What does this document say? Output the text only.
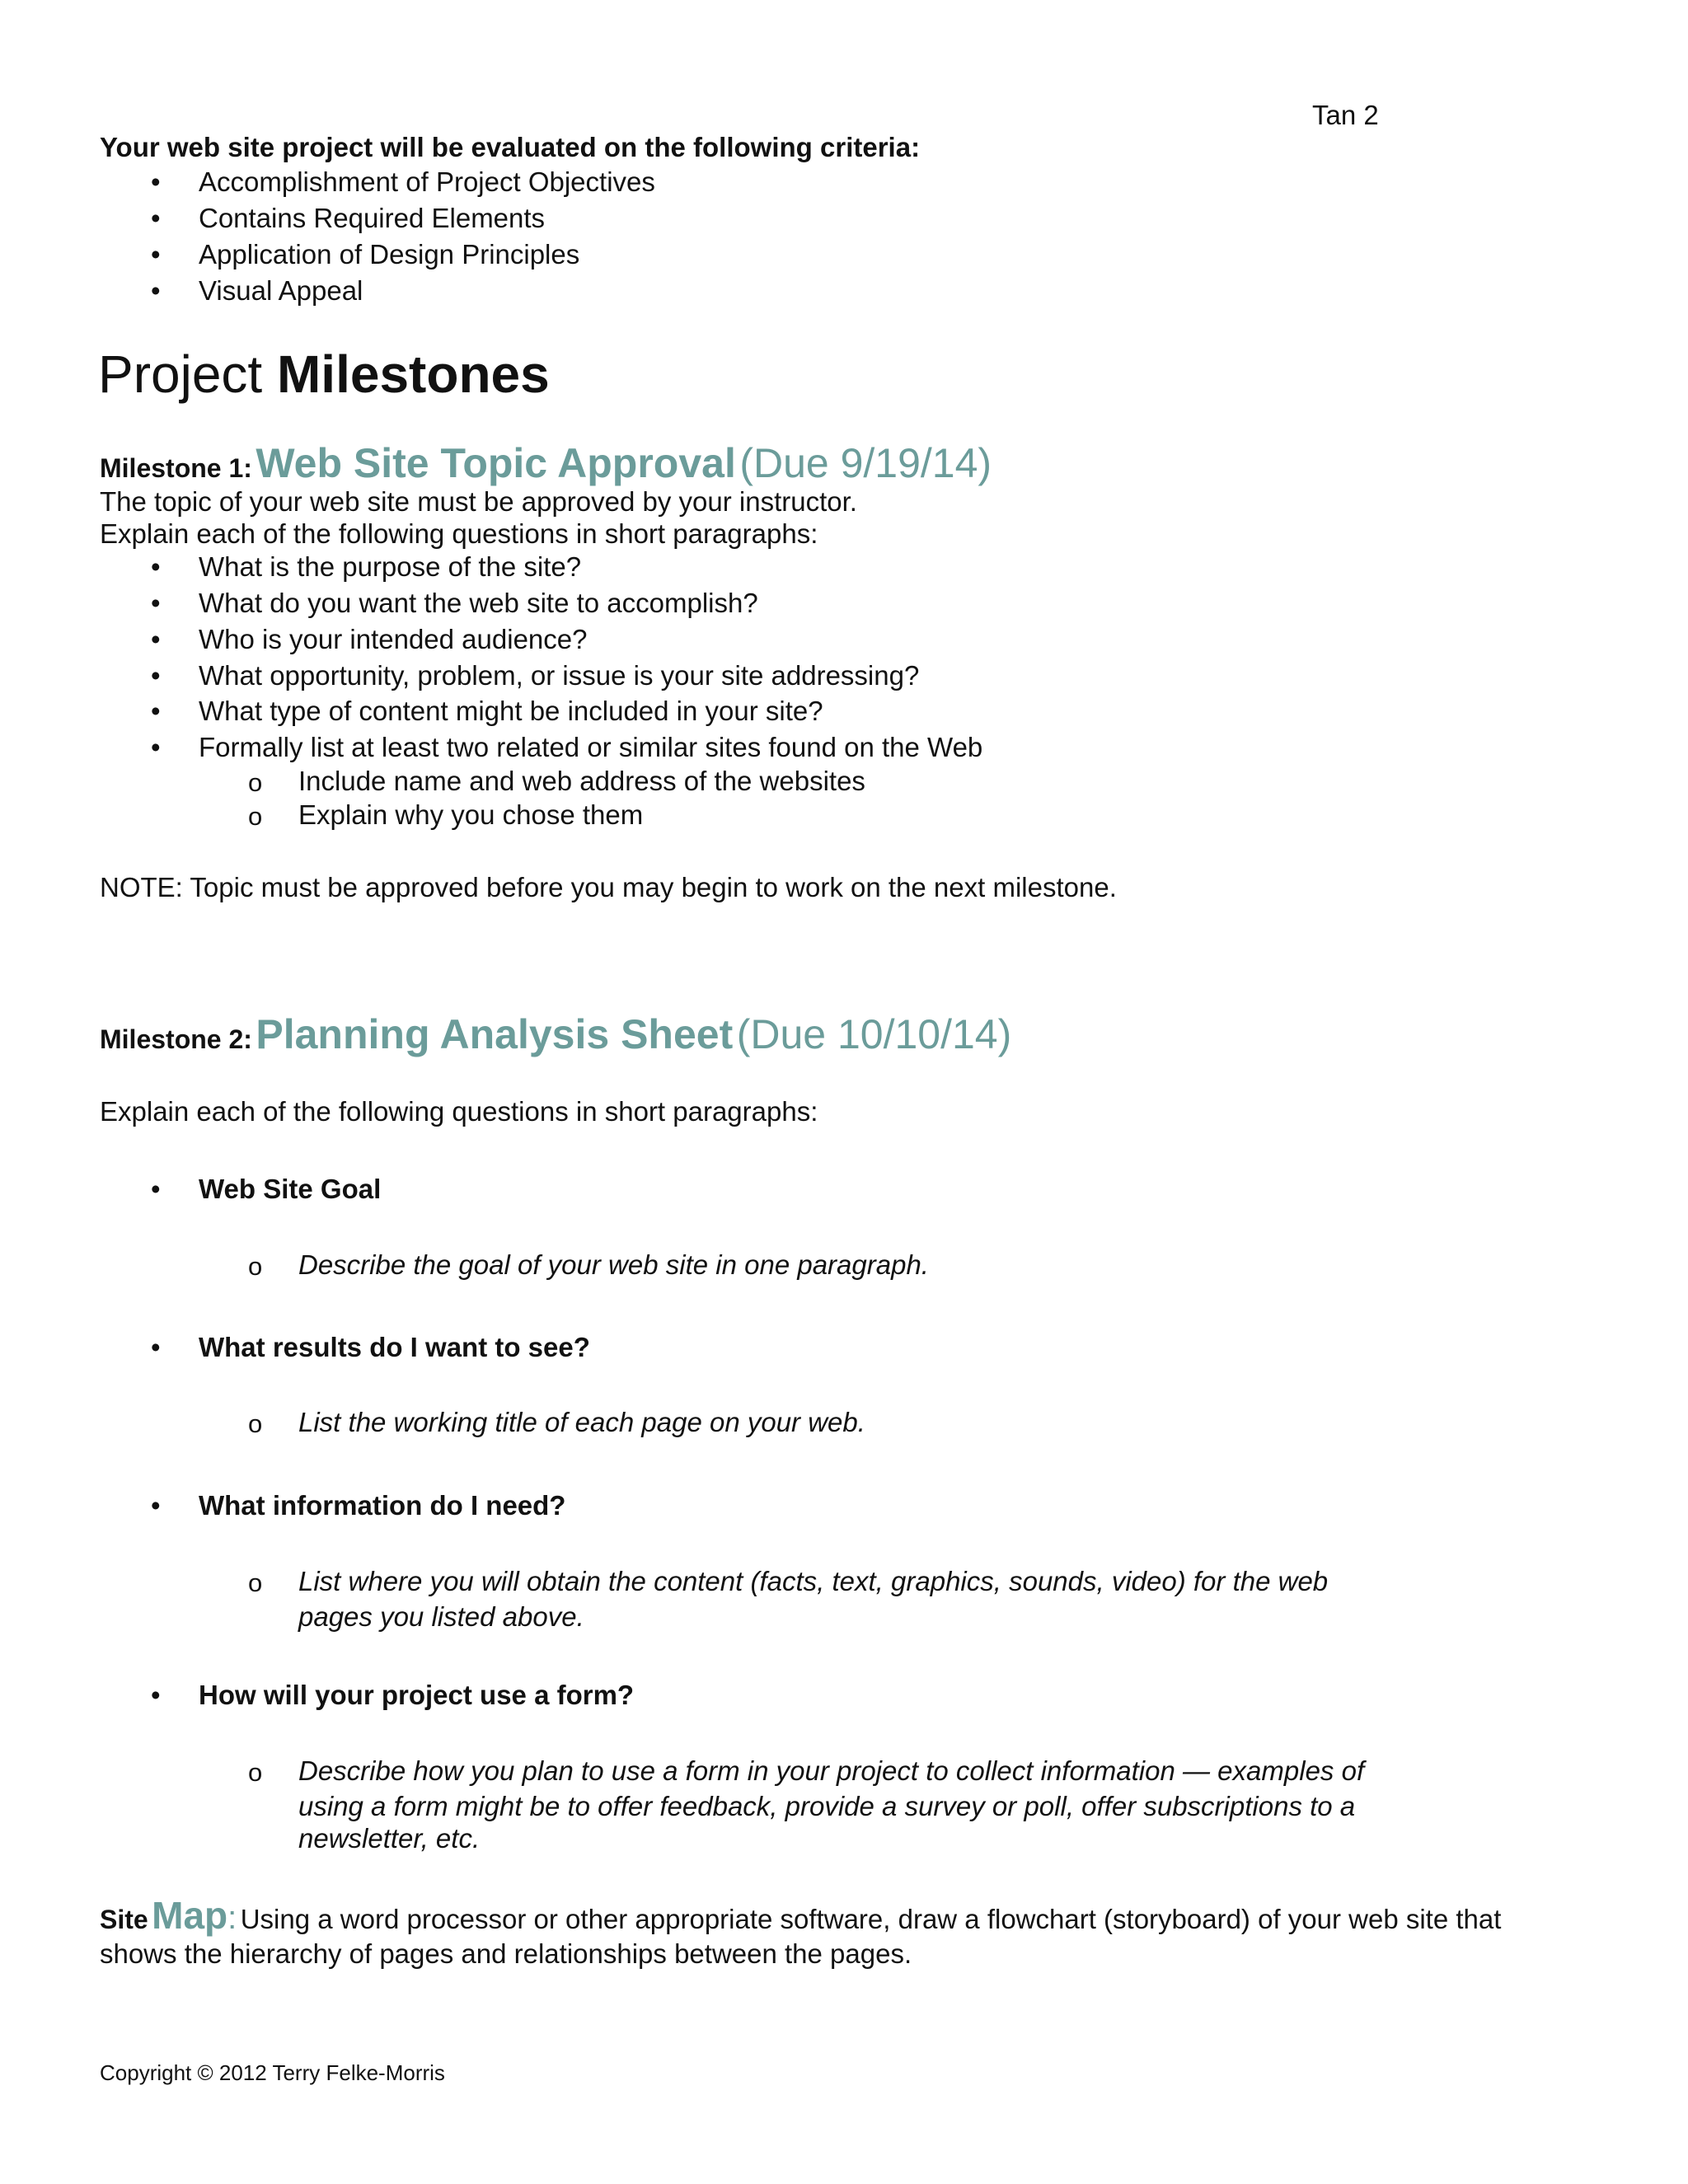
Tan 2
Your web site project will be evaluated on the following criteria:
•
Accomplishment of Project Objectives
•
Contains Required Elements
•
Application of Design Principles
•
Visual Appeal
Project Milestones
Milestone 1: Web Site Topic Approval (Due 9/19/14)
The topic of your web site must be approved by your instructor.
Explain each of the following questions in short paragraphs:
•
What is the purpose of the site?
•
What do you want the web site to accomplish?
•
Who is your intended audience?
•
What opportunity, problem, or issue is your site addressing?
•
What type of content might be included in your site?
•
Formally list at least two related or similar sites found on the Web
o
Include name and web address of the websites
o
Explain why you chose them
NOTE: Topic must be approved before you may begin to work on the next milestone.
Milestone 2: Planning Analysis Sheet (Due 10/10/14)
Explain each of the following questions in short paragraphs:
•
Web Site Goal
o
Describe the goal of your web site in one paragraph.
•
What results do I want to see?
o
List the working title of each page on your web.
•
What information do I need?
o
List where you will obtain the content (facts, text, graphics, sounds, video) for the web
pages you listed above.
•
How will your project use a form?
o
Describe how you plan to use a form in your project to collect information — examples of
using a form might be to offer feedback, provide a survey or poll, offer subscriptions to a
newsletter, etc.
Site Map: Using a word processor or other appropriate software, draw a flowchart (storyboard) of your web site that
shows the hierarchy of pages and relationships between the pages.
Copyright © 2012 Terry Felke-Morris
